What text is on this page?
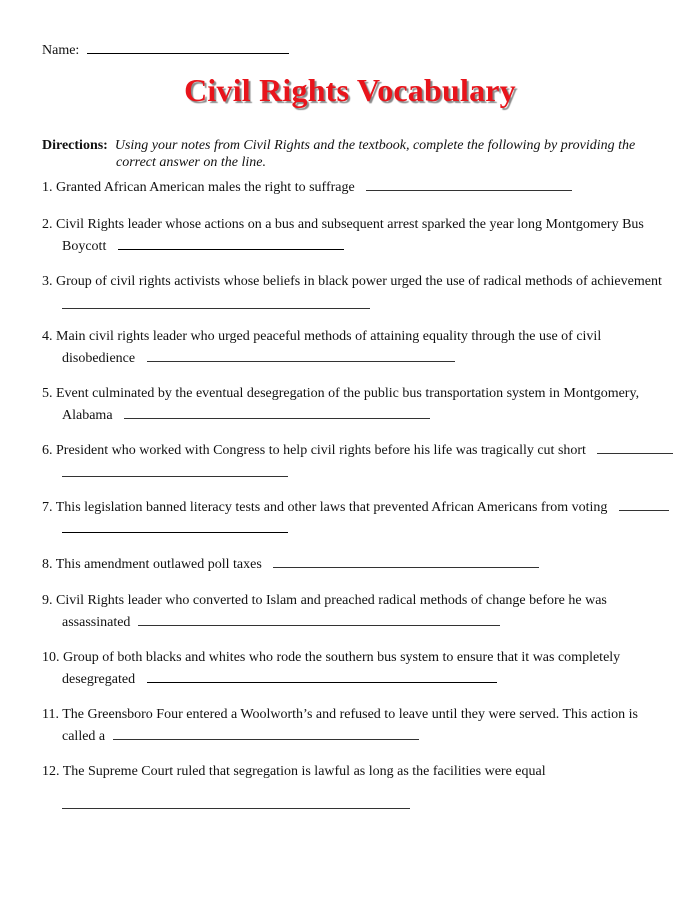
Name:
Civil Rights Vocabulary
Directions: Using your notes from Civil Rights and the textbook, complete the following by providing the
correct answer on the line.
1. Granted African American males the right to suffrage
2. Civil Rights leader whose actions on a bus and subsequent arrest sparked the year long Montgomery Bus
Boycott
3. Group of civil rights activists whose beliefs in black power urged the use of radical methods of achievement
4. Main civil rights leader who urged peaceful methods of attaining equality through the use of civil
disobedience
5. Event culminated by the eventual desegregation of the public bus transportation system in Montgomery,
Alabama
6. President who worked with Congress to help civil rights before his life was tragically cut short
7. This legislation banned literacy tests and other laws that prevented African Americans from voting
8. This amendment outlawed poll taxes
9. Civil Rights leader who converted to Islam and preached radical methods of change before he was
assassinated
10. Group of both blacks and whites who rode the southern bus system to ensure that it was completely
desegregated
11. The Greensboro Four entered a Woolworth’s and refused to leave until they were served. This action is
called a
12. The Supreme Court ruled that segregation is lawful as long as the facilities were equal
